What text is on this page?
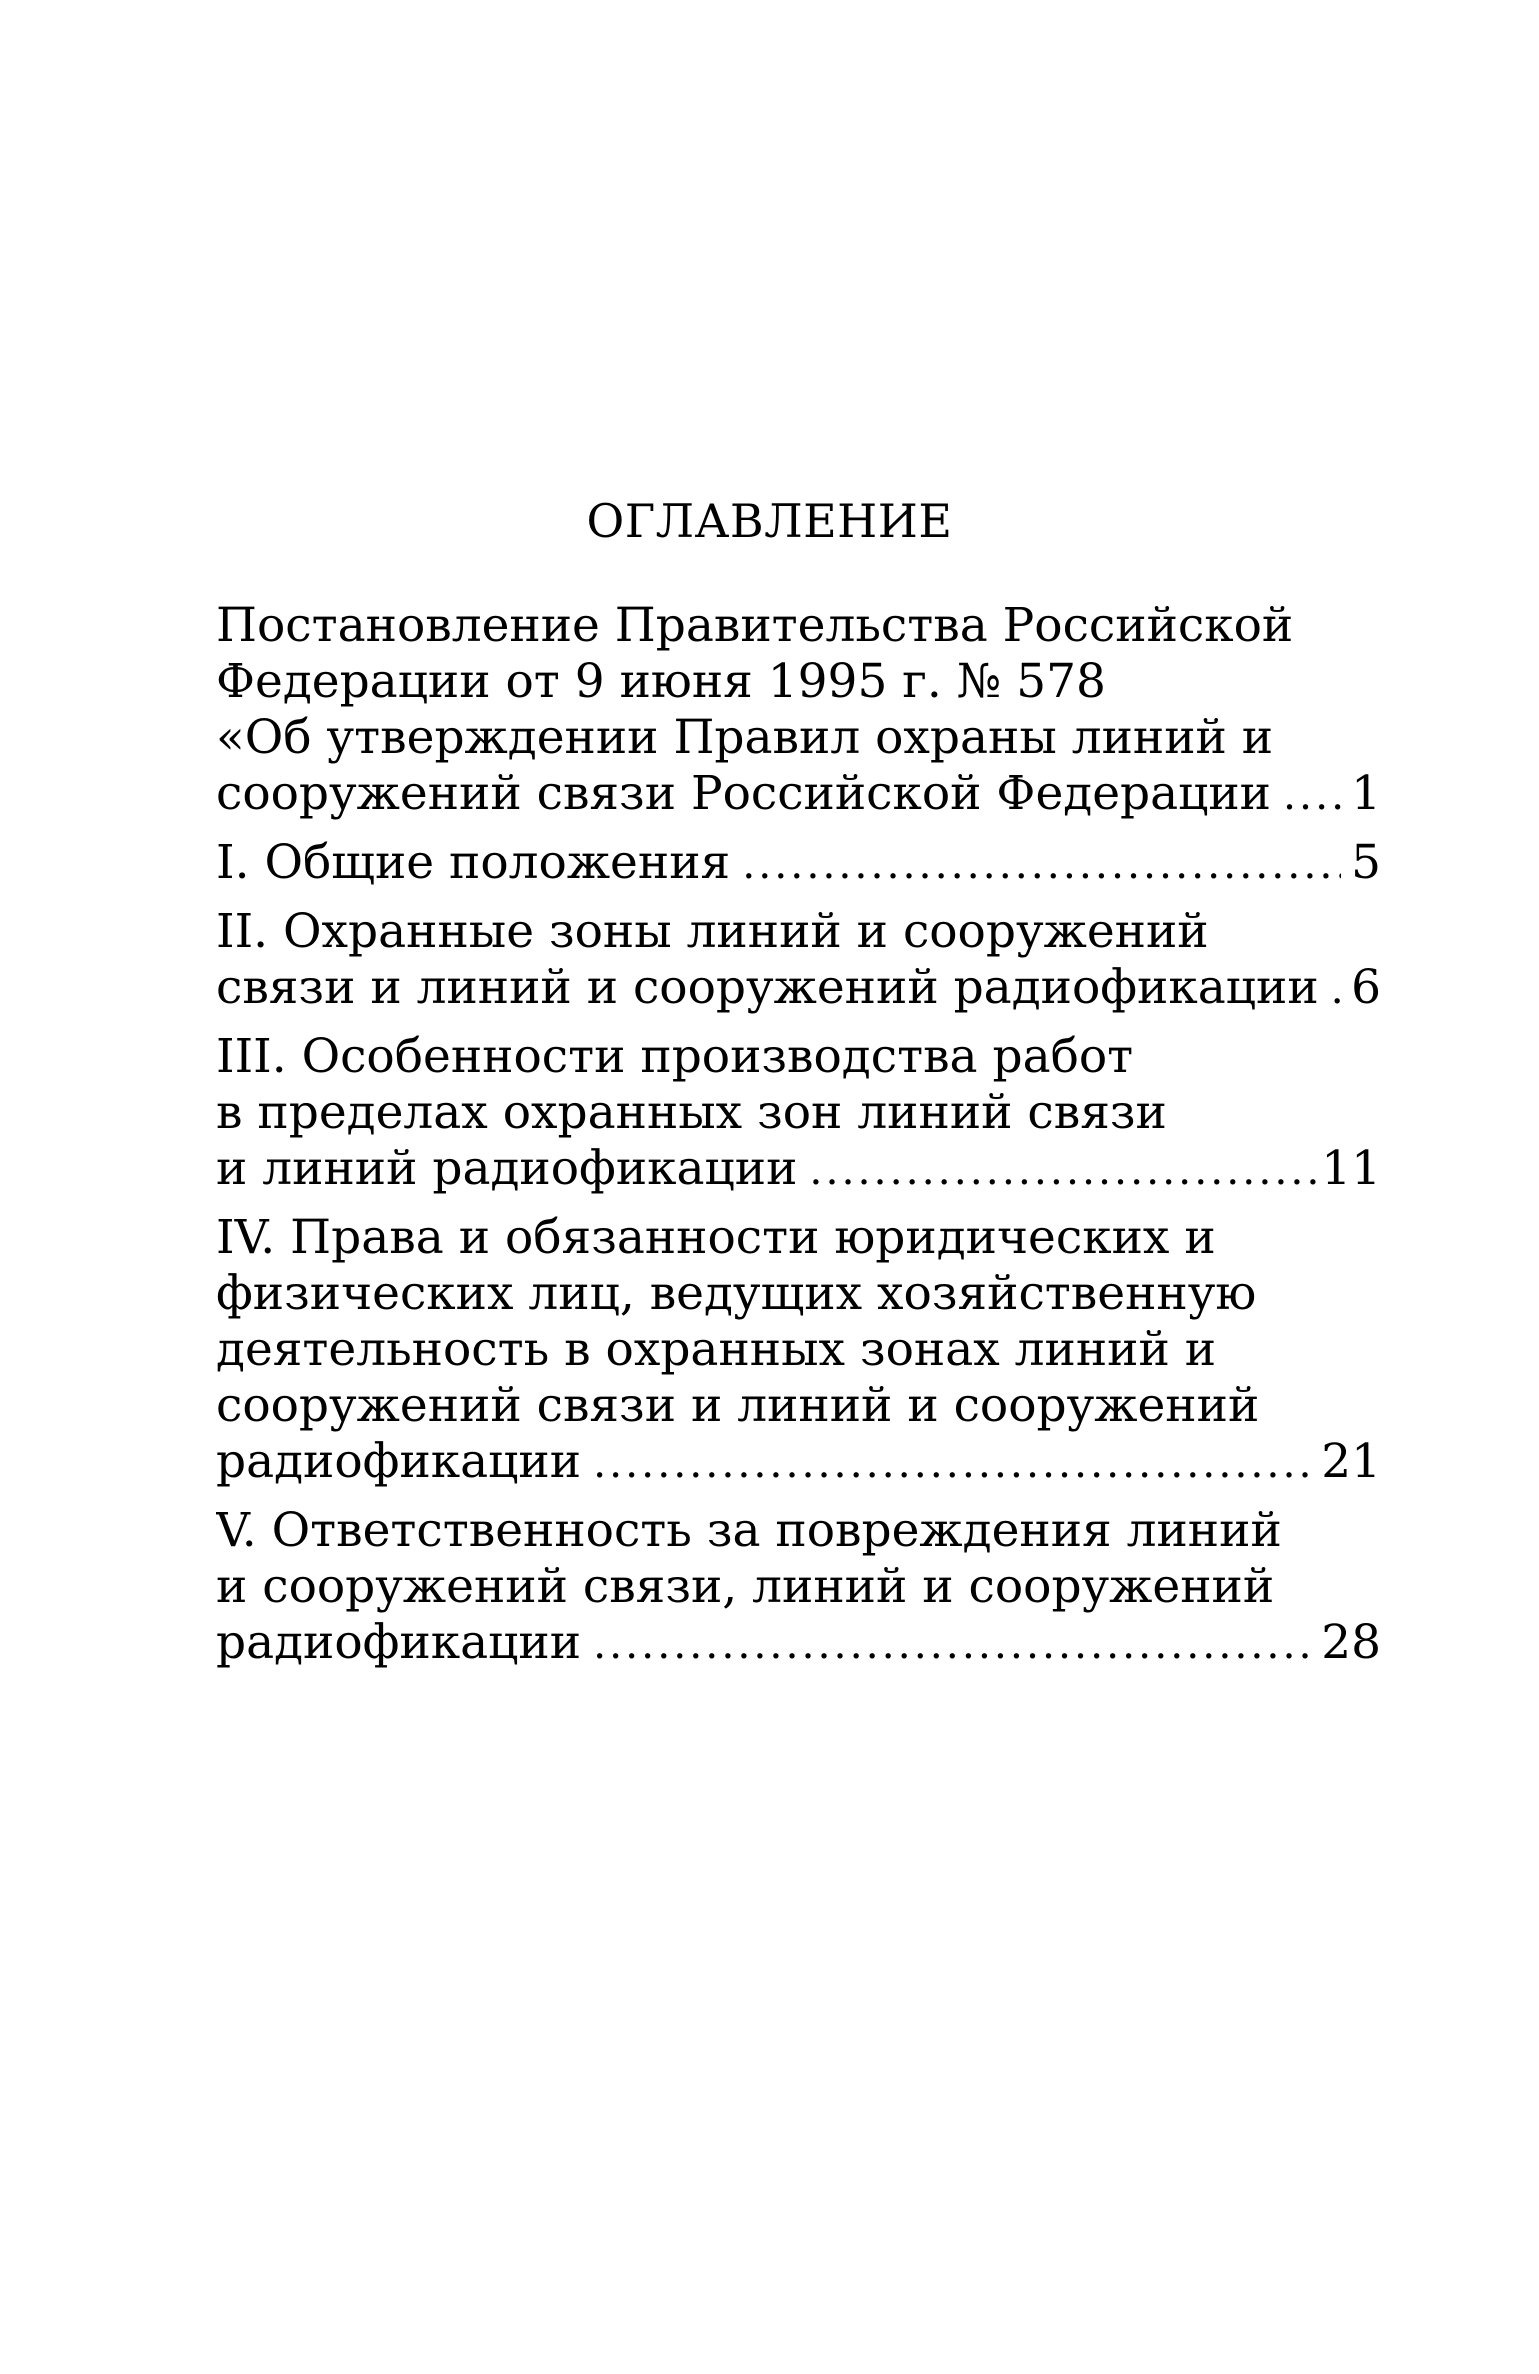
ОГЛАВЛЕНИЕ
Постановление Правительства Российской
Федерации от 9 июня 1995 г. № 578
«Об утверждении Правил охраны линий и
сооружений связи Российской Федерации ..... 1
I. Общие положения .....	5
II. Охранные зоны линий и сооружений
связи и линий и сооружений радиофикации ..... 6
III. Особенности производства работ
в пределах охранных зон линий связи
и линий радиофикации .....	11
IV. Права и обязанности юридических и
физических лиц, ведущих хозяйственную
деятельность в охранных зонах линий и
сооружений связи и линий и сооружений
радиофикации .....	21
V. Ответственность за повреждения линий
и сооружений связи, линий и сооружений
радиофикации .....	28
